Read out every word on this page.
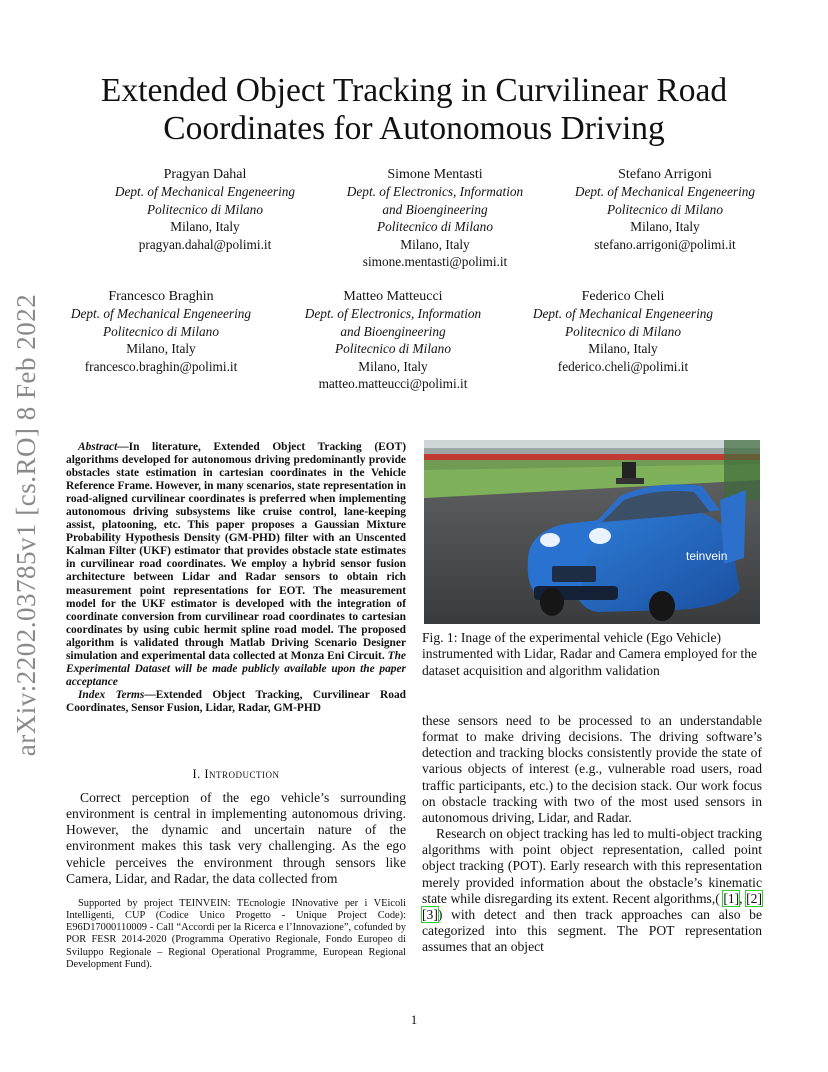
arXiv:2202.03785v1 [cs.RO] 8 Feb 2022
Extended Object Tracking in Curvilinear Road
Coordinates for Autonomous Driving
Pragyan Dahal
Dept. of Mechanical Engeneering
Politecnico di Milano
Milano, Italy
pragyan.dahal@polimi.it
Simone Mentasti
Dept. of Electronics, Information
and Bioengineering
Politecnico di Milano
Milano, Italy
simone.mentasti@polimi.it
Stefano Arrigoni
Dept. of Mechanical Engeneering
Politecnico di Milano
Milano, Italy
stefano.arrigoni@polimi.it
Francesco Braghin
Dept. of Mechanical Engeneering
Politecnico di Milano
Milano, Italy
francesco.braghin@polimi.it
Matteo Matteucci
Dept. of Electronics, Information
and Bioengineering
Politecnico di Milano
Milano, Italy
matteo.matteucci@polimi.it
Federico Cheli
Dept. of Mechanical Engeneering
Politecnico di Milano
Milano, Italy
federico.cheli@polimi.it
Abstract—In literature, Extended Object Tracking (EOT) algorithms developed for autonomous driving predominantly provide obstacles state estimation in cartesian coordinates in the Vehicle Reference Frame. However, in many scenarios, state representation in road-aligned curvilinear coordinates is preferred when implementing autonomous driving subsystems like cruise control, lane-keeping assist, platooning, etc. This paper proposes a Gaussian Mixture Probability Hypothesis Density (GM-PHD) filter with an Unscented Kalman Filter (UKF) estimator that provides obstacle state estimates in curvilinear road coordinates. We employ a hybrid sensor fusion architecture between Lidar and Radar sensors to obtain rich measurement point representations for EOT. The measurement model for the UKF estimator is developed with the integration of coordinate conversion from curvilinear road coordinates to cartesian coordinates by using cubic hermit spline road model. The proposed algorithm is validated through Matlab Driving Scenario Designer simulation and experimental data collected at Monza Eni Circuit. The Experimental Dataset will be made publicly available upon the paper acceptance
Index Terms—Extended Object Tracking, Curvilinear Road Coordinates, Sensor Fusion, Lidar, Radar, GM-PHD
I. Introduction

Correct perception of the ego vehicle’s surrounding environment is central in implementing autonomous driving. However, the dynamic and uncertain nature of the environment makes this task very challenging. As the ego vehicle perceives the environment through sensors like Camera, Lidar, and Radar, the data collected from

Supported by project TEINVEIN: TEcnologie INnovative per i VEicoli Intelligenti, CUP (Codice Unico Progetto - Unique Project Code): E96D17000110009 - Call “Accordi per la Ricerca e l’Innovazione”, cofunded by POR FESR 2014-2020 (Programma Operativo Regionale, Fondo Europeo di Sviluppo Regionale – Regional Operational Programme, European Regional Development Fund).
teinvein
Fig. 1: Inage of the experimental vehicle (Ego Vehicle) instrumented with Lidar, Radar and Camera employed for the dataset acquisition and algorithm validation

these sensors need to be processed to an understandable format to make driving decisions. The driving software’s detection and tracking blocks consistently provide the state of various objects of interest (e.g., vulnerable road users, road traffic participants, etc.) to the decision stack. Our work focus on obstacle tracking with two of the most used sensors in autonomous driving, Lidar, and Radar.

Research on object tracking has led to multi-object tracking algorithms with point object representation, called point object tracking (POT). Early research with this representation merely provided information about the obstacle’s kinematic state while disregarding its extent. Recent algorithms,( [1], [2] [3]) with detect and then track approaches can also be categorized into this segment. The POT representation assumes that an object

1
